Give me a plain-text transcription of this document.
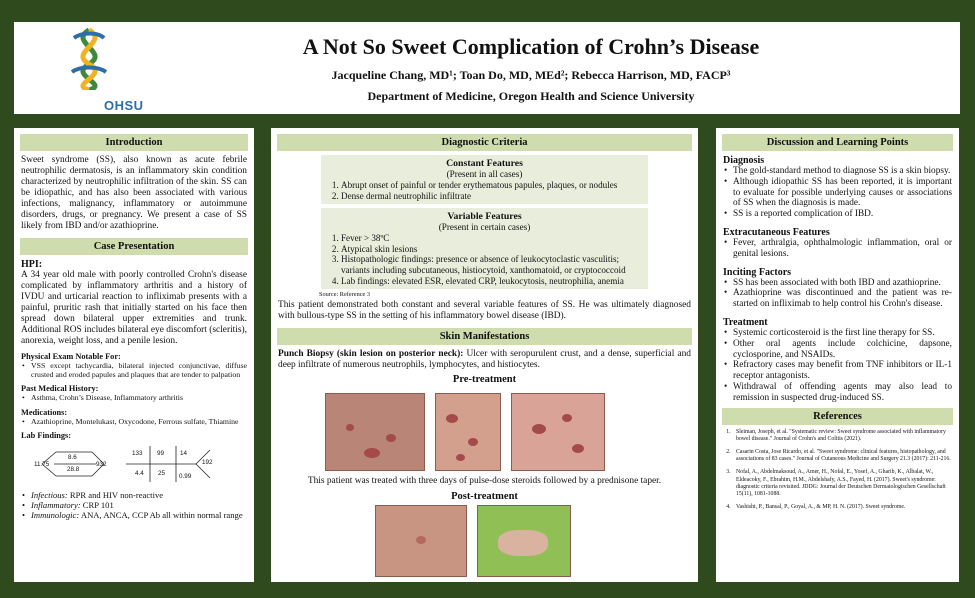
OHSU
A Not So Sweet Complication of Crohn’s Disease
Jacqueline Chang, MD¹; Toan Do, MD, MEd²; Rebecca Harrison, MD, FACP³
Department of Medicine, Oregon Health and Science University
Introduction
Sweet syndrome (SS), also known as acute febrile neutrophilic dermatosis, is an inflammatory skin condition characterized by neutrophilic infiltration of the skin. SS can be idiopathic, and has also been associated with various infections, malignancy, inflammatory or autoimmune disorders, drugs, or pregnancy. We present a case of SS likely from IBD and/or azathioprine.
Case Presentation
HPI:
A 34 year old male with poorly controlled Crohn's disease complicated by inflammatory arthritis and a history of IVDU and urticarial reaction to infliximab presents with a painful, pruritic rash that initially started on his face then spread down bilateral upper extremities and trunk. Additional ROS includes bilateral eye discomfort (scleritis), anorexia, weight loss, and a penile lesion.
Physical Exam Notable For:
• VSS except tachycardia, bilateral injected conjunctivae, diffuse crusted and eroded papules and plaques that are tender to palpation
Past Medical History:
• Asthma, Crohn’s Disease, Inflammatory arthritis
Medications:
• Azathioprine, Montelukast, Oxycodone, Ferrous sulfate, Thiamine
Lab Findings:
11.75
8.6
28.8
932
133 99	14
192
4.4 25 0.99
• Infectious: RPR and HIV non-reactive
• Inflammatory: CRP 101
• Immunologic: ANA, ANCA, CCP Ab all within normal range
Diagnostic Criteria
Constant Features
(Present in all cases)
1. Abrupt onset of painful or tender erythematous papules, plaques, or nodules
2. Dense dermal neutrophilic infiltrate
Variable Features
(Present in certain cases)
1. Fever > 38ºC
2. Atypical skin lesions
3. Histopathologic findings: presence or absence of leukocytoclastic vasculitis; variants including subcutaneous, histiocytoid, xanthomatoid, or cryptococcoid
4. Lab findings: elevated ESR, elevated CRP, leukocytosis, neutrophilia, anemia
Source: Reference 3
This patient demonstrated both constant and several variable features of SS. He was ultimately diagnosed with bullous-type SS in the setting of his inflammatory bowel disease (IBD).
Skin Manifestations
Punch Biopsy (skin lesion on posterior neck): Ulcer with seropurulent crust, and a dense, superficial and deep infiltrate of numerous neutrophils, lymphocytes, and histiocytes.
Pre-treatment
This patient was treated with three days of pulse-dose steroids followed by a prednisone taper.
Post-treatment
Discussion and Learning Points
Diagnosis
• The gold-standard method to diagnose SS is a skin biopsy.
• Although idiopathic SS has been reported, it is important to evaluate for possible underlying causes or associations of SS when the diagnosis is made.
• SS is a reported complication of IBD.
Extracutaneous Features
• Fever, arthralgia, ophthalmologic inflammation, oral or genital lesions.
Inciting Factors
• SS has been associated with both IBD and azathioprine.
• Azathioprine was discontinued and the patient was re-started on infliximab to help control his Crohn's disease.
Treatment
• Systemic corticosteroid is the first line therapy for SS.
• Other oral agents include colchicine, dapsone, cyclosporine, and NSAIDs.
• Refractory cases may benefit from TNF inhibitors or IL-1 receptor antagonists.
• Withdrawal of offending agents may also lead to remission in suspected drug-induced SS.
References
1. Sleiman, Joseph, et al. "Systematic review: Sweet syndrome associated with inflammatory bowel disease." Journal of Crohn's and Colitis (2021).
2. Casarin Costa, Jose Ricardo, et al. "Sweet syndrome: clinical features, histopathology, and associations of 83 cases." Journal of Cutaneous Medicine and Surgery 21.3 (2017): 211-216.
3. Nofal, A., Abdelmaksoud, A., Amer, H., Nofal, E., Yosef, A., Gharib, K., Albalat, W., Eldeacoky, F., Ebrahim, H.M., Abdelshafy, A.S., Fayed, H. (2017). Sweet's syndrome: diagnostic criteria revisited. JDDG: Journal der Deutschen Dermatologischen Gesellschaft 15(11), 1081-1088.
4. Vashisht, P., Bansal, P., Goyal, A., & MP, H. N. (2017). Sweet syndrome.
